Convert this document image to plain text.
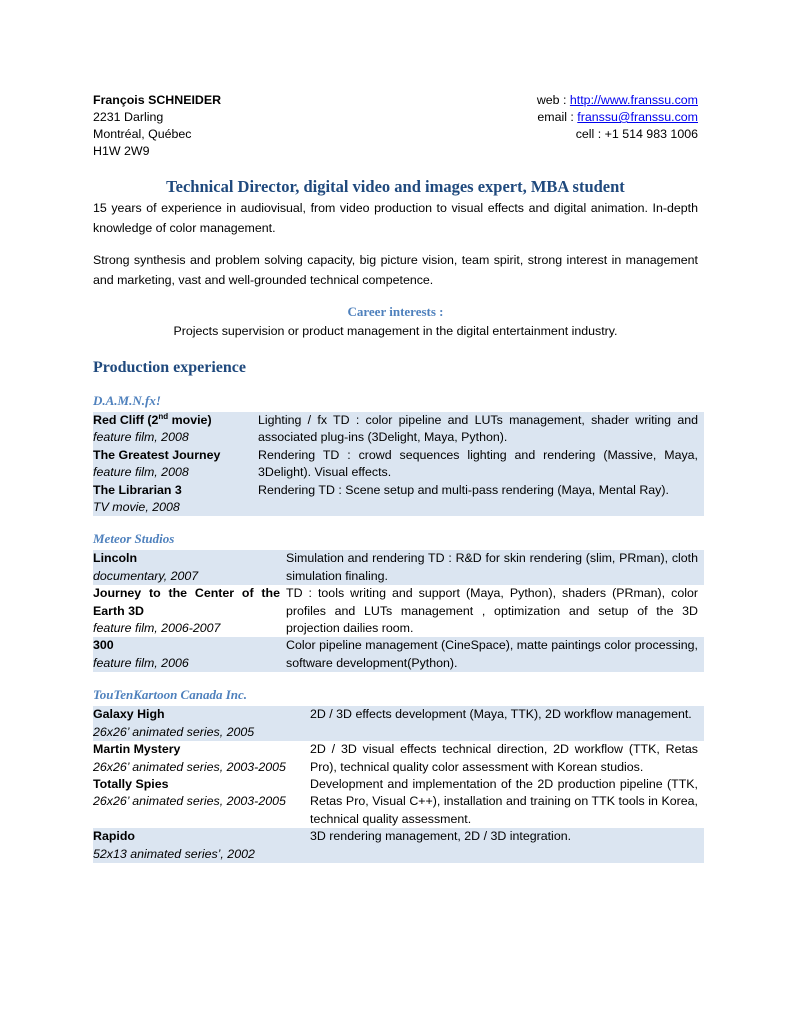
François SCHNEIDER
2231 Darling
Montréal, Québec
H1W 2W9
web : http://www.franssu.com
email : franssu@franssu.com
cell : +1 514 983 1006
Technical Director, digital video and images expert, MBA student
15 years of experience in audiovisual, from video production to visual effects and digital animation. In-depth knowledge of color management.
Strong synthesis and problem solving capacity, big picture vision, team spirit, strong interest in management and marketing, vast and well-grounded technical competence.
Career interests :
Projects supervision or product management in the digital entertainment industry.
Production experience
D.A.M.N.fx!
Red Cliff (2nd movie)
feature film, 2008	Lighting / fx TD : color pipeline and LUTs management, shader writing and associated plug-ins (3Delight, Maya, Python).

The Greatest Journey
feature film, 2008	Rendering TD : crowd sequences lighting and rendering (Massive, Maya, 3Delight). Visual effects.

The Librarian 3
TV movie, 2008	Rendering TD : Scene setup and multi-pass rendering (Maya, Mental Ray).
Meteor Studios
Lincoln
documentary, 2007	Simulation and rendering TD : R&D for skin rendering (slim, PRman), cloth simulation finaling.

Journey to the Center of the Earth 3D
feature film, 2006-2007	TD : tools writing and support (Maya, Python), shaders (PRman), color profiles and LUTs management , optimization and setup of the 3D projection dailies room.

300
feature film, 2006	Color pipeline management (CineSpace), matte paintings color processing, software development(Python).
TouTenKartoon Canada Inc.
Galaxy High
26x26’ animated series, 2005	2D / 3D effects development (Maya, TTK), 2D workflow management.

Martin Mystery
26x26’ animated series, 2003-2005	2D / 3D visual effects technical direction, 2D workflow (TTK, Retas Pro), technical quality color assessment with Korean studios.

Totally Spies
26x26’ animated series, 2003-2005	Development and implementation of the 2D production pipeline (TTK, Retas Pro, Visual C++), installation and training on TTK tools in Korea, technical quality assessment.

Rapido
52x13 animated series’, 2002	3D rendering management, 2D / 3D integration.
